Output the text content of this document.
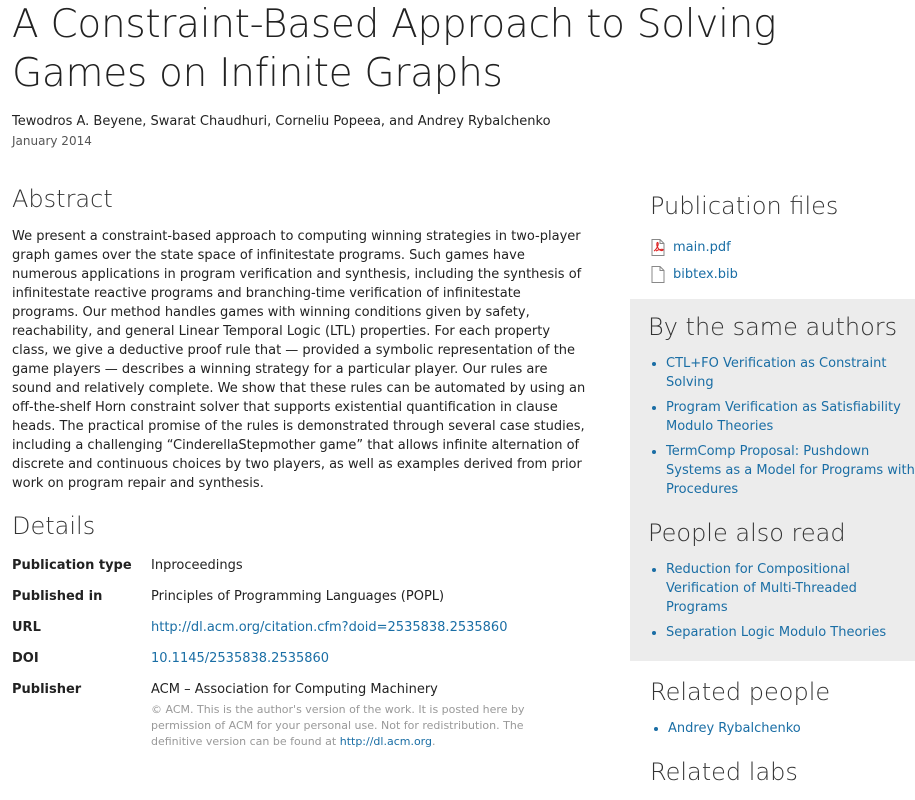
A Constraint-Based Approach to Solving Games on Infinite Graphs
Tewodros A. Beyene, Swarat Chaudhuri, Corneliu Popeea, and Andrey Rybalchenko
January 2014
Abstract
We present a constraint-based approach to computing winning strategies in two-player graph games over the state space of infinitestate programs. Such games have numerous applications in program verification and synthesis, including the synthesis of infinitestate reactive programs and branching-time verification of infinitestate programs. Our method handles games with winning conditions given by safety, reachability, and general Linear Temporal Logic (LTL) properties. For each property class, we give a deductive proof rule that — provided a symbolic representation of the game players — describes a winning strategy for a particular player. Our rules are sound and relatively complete. We show that these rules can be automated by using an off-the-shelf Horn constraint solver that supports existential quantification in clause heads. The practical promise of the rules is demonstrated through several case studies, including a challenging “CinderellaStepmother game” that allows infinite alternation of discrete and continuous choices by two players, as well as examples derived from prior work on program repair and synthesis.
Details
Publication type	Inproceedings
Published in	Principles of Programming Languages (POPL)
URL	http://dl.acm.org/citation.cfm?doid=2535838.2535860
DOI	10.1145/2535838.2535860
Publisher	ACM – Association for Computing Machinery
© ACM. This is the author's version of the work. It is posted here by permission of ACM for your personal use. Not for redistribution. The definitive version can be found at http://dl.acm.org.
Publication files
main.pdf
bibtex.bib
By the same authors
• CTL+FO Verification as Constraint Solving
• Program Verification as Satisfiability Modulo Theories
• TermComp Proposal: Pushdown Systems as a Model for Programs with Procedures
People also read
• Reduction for Compositional Verification of Multi-Threaded Programs
• Separation Logic Modulo Theories
Related people
• Andrey Rybalchenko
Related labs
